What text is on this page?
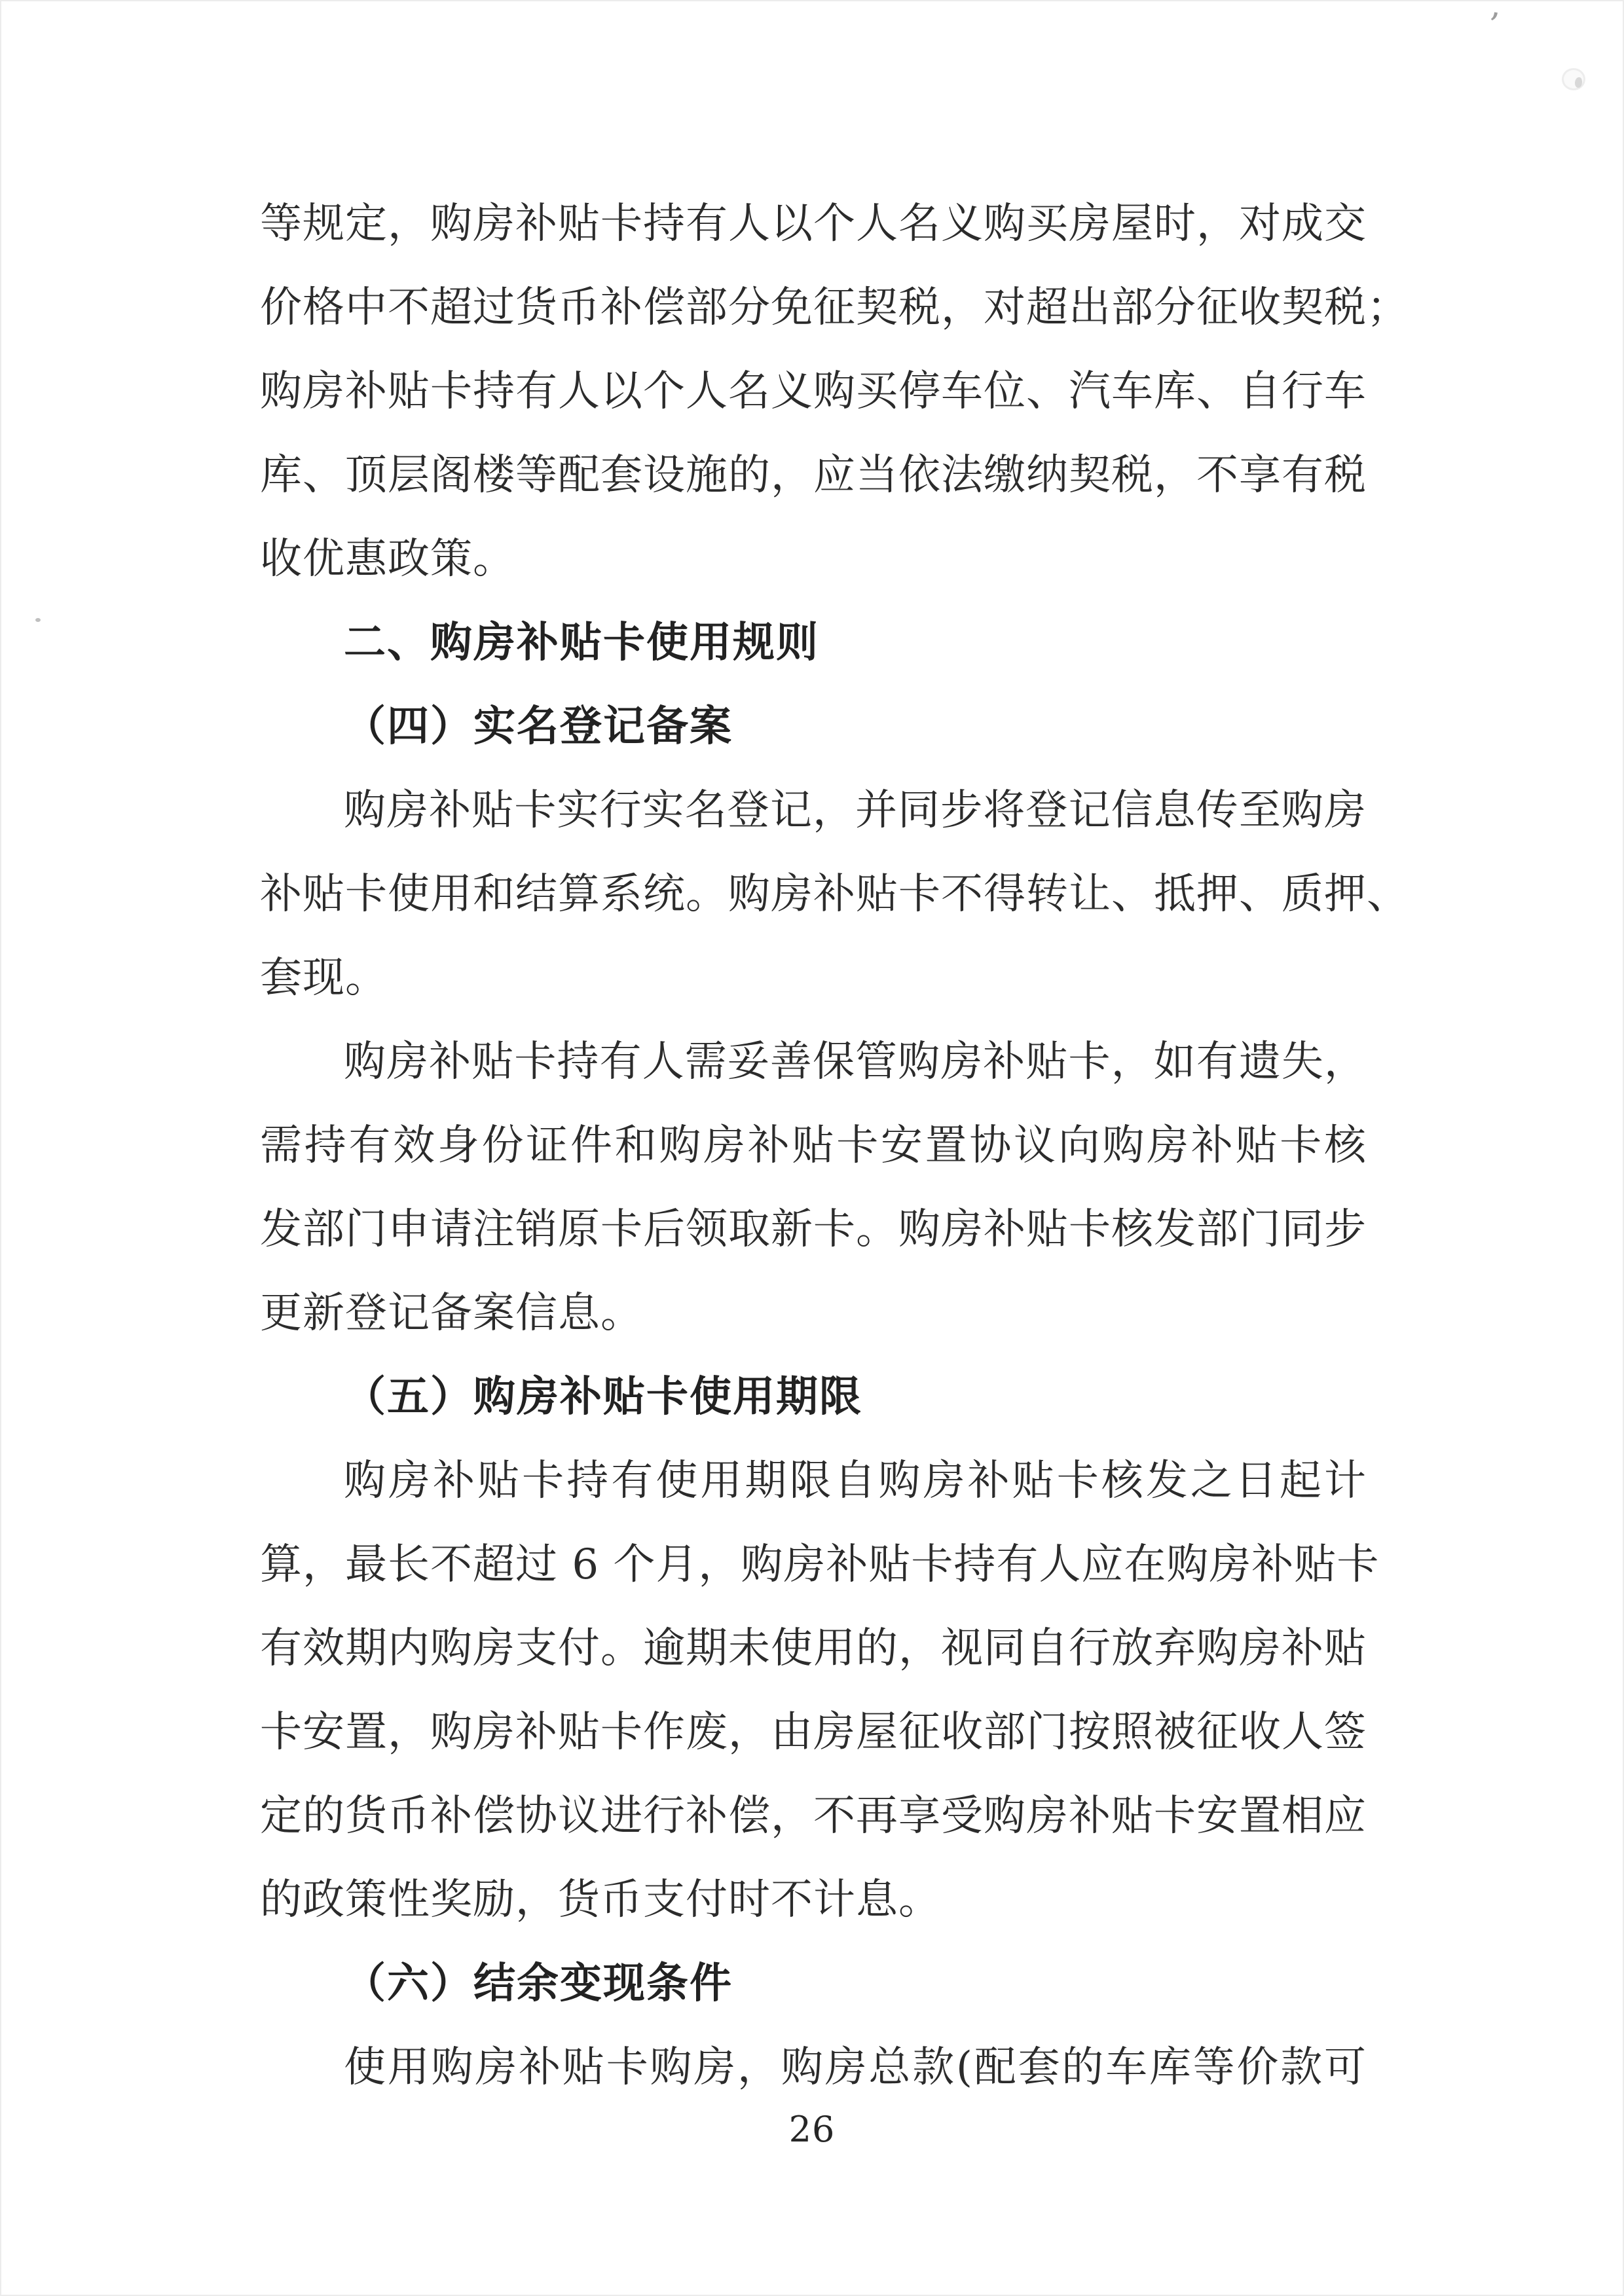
ʼ
等规定，购房补贴卡持有人以个人名义购买房屋时，对成交
价格中不超过货币补偿部分免征契税，对超出部分征收契税；
购房补贴卡持有人以个人名义购买停车位、汽车库、自行车
库、顶层阁楼等配套设施的，应当依法缴纳契税，不享有税
收优惠政策。
二、购房补贴卡使用规则
（四）实名登记备案
购房补贴卡实行实名登记，并同步将登记信息传至购房
补贴卡使用和结算系统。购房补贴卡不得转让、抵押、质押、
套现。
购房补贴卡持有人需妥善保管购房补贴卡，如有遗失，
需持有效身份证件和购房补贴卡安置协议向购房补贴卡核
发部门申请注销原卡后领取新卡。购房补贴卡核发部门同步
更新登记备案信息。
（五）购房补贴卡使用期限
购房补贴卡持有使用期限自购房补贴卡核发之日起计
算，最长不超过 6 个月，购房补贴卡持有人应在购房补贴卡
有效期内购房支付。逾期未使用的，视同自行放弃购房补贴
卡安置，购房补贴卡作废，由房屋征收部门按照被征收人签
定的货币补偿协议进行补偿，不再享受购房补贴卡安置相应
的政策性奖励，货币支付时不计息。
（六）结余变现条件
使用购房补贴卡购房，购房总款(配套的车库等价款可
26
